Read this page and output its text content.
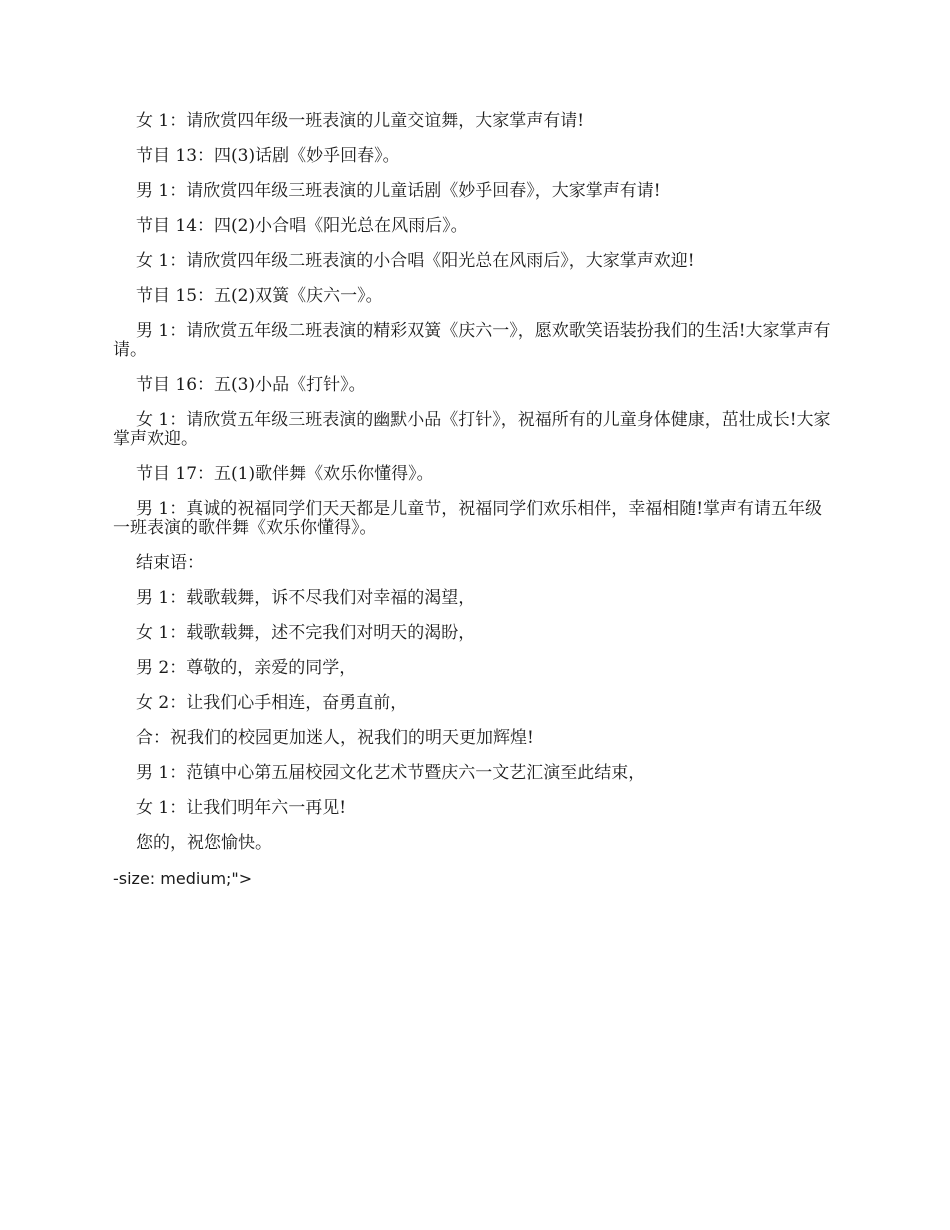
女 1：请欣赏四年级一班表演的儿童交谊舞，大家掌声有请!

节目 13：四(3)话剧《妙乎回春》。

男 1：请欣赏四年级三班表演的儿童话剧《妙乎回春》，大家掌声有请!

节目 14：四(2)小合唱《阳光总在风雨后》。

女 1：请欣赏四年级二班表演的小合唱《阳光总在风雨后》，大家掌声欢迎!

节目 15：五(2)双簧《庆六一》。

男 1：请欣赏五年级二班表演的精彩双簧《庆六一》，愿欢歌笑语装扮我们的生活!大家掌声有请。

节目 16：五(3)小品《打针》。

女 1：请欣赏五年级三班表演的幽默小品《打针》，祝福所有的儿童身体健康，茁壮成长!大家掌声欢迎。

节目 17：五(1)歌伴舞《欢乐你懂得》。

男 1：真诚的祝福同学们天天都是儿童节，祝福同学们欢乐相伴，幸福相随!掌声有请五年级一班表演的歌伴舞《欢乐你懂得》。

结束语：

男 1：载歌载舞，诉不尽我们对幸福的渴望，

女 1：载歌载舞，述不完我们对明天的渴盼，

男 2：尊敬的，亲爱的同学，

女 2：让我们心手相连，奋勇直前，

合：祝我们的校园更加迷人，祝我们的明天更加辉煌!

男 1：范镇中心第五届校园文化艺术节暨庆六一文艺汇演至此结束，

女 1：让我们明年六一再见!

您的，祝您愉快。

-size: medium;">
